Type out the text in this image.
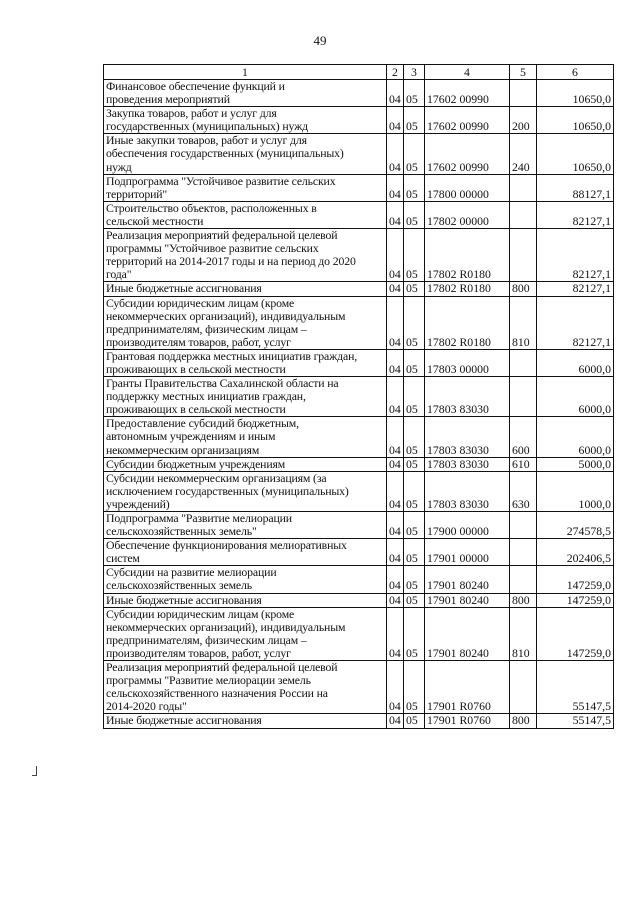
49
1	2	3	4	5	6

Финансовое обеспечение функций и
проведения мероприятий	04	05	17602 00990		10650,0

Закупка товаров, работ и услуг для
государственных (муниципальных) нужд	04	05	17602 00990	200	10650,0

Иные закупки товаров, работ и услуг для
обеспечения государственных (муниципальных)
нужд	04	05	17602 00990	240	10650,0

Подпрограмма "Устойчивое развитие сельских
территорий"	04	05	17800 00000		88127,1

Строительство объектов, расположенных в
сельской местности	04	05	17802 00000		82127,1

Реализация мероприятий федеральной целевой
программы "Устойчивое развитие сельских
территорий на 2014-2017 годы и на период до 2020
года"	04	05	17802 R0180		82127,1

Иные бюджетные ассигнования	04	05	17802 R0180	800	82127,1

Субсидии юридическим лицам (кроме
некоммерческих организаций), индивидуальным
предпринимателям, физическим лицам –
производителям товаров, работ, услуг	04	05	17802 R0180	810	82127,1

Грантовая поддержка местных инициатив граждан,
проживающих в сельской местности	04	05	17803 00000		6000,0

Гранты Правительства Сахалинской области на
поддержку местных инициатив граждан,
проживающих в сельской местности	04	05	17803 83030		6000,0

Предоставление субсидий бюджетным,
автономным учреждениям и иным
некоммерческим организациям	04	05	17803 83030	600	6000,0

Субсидии бюджетным учреждениям	04	05	17803 83030	610	5000,0

Субсидии некоммерческим организациям (за
исключением государственных (муниципальных)
учреждений)	04	05	17803 83030	630	1000,0

Подпрограмма "Развитие мелиорации
сельскохозяйственных земель"	04	05	17900 00000		274578,5

Обеспечение функционирования мелиоративных
систем	04	05	17901 00000		202406,5

Субсидии на развитие мелиорации
сельскохозяйственных земель	04	05	17901 80240		147259,0

Иные бюджетные ассигнования	04	05	17901 80240	800	147259,0

Субсидии юридическим лицам (кроме
некоммерческих организаций), индивидуальным
предпринимателям, физическим лицам –
производителям товаров, работ, услуг	04	05	17901 80240	810	147259,0

Реализация мероприятий федеральной целевой
программы "Развитие мелиорации земель
сельскохозяйственного назначения России на
2014-2020 годы"	04	05	17901 R0760		55147,5

Иные бюджетные ассигнования	04	05	17901 R0760	800	55147,5
